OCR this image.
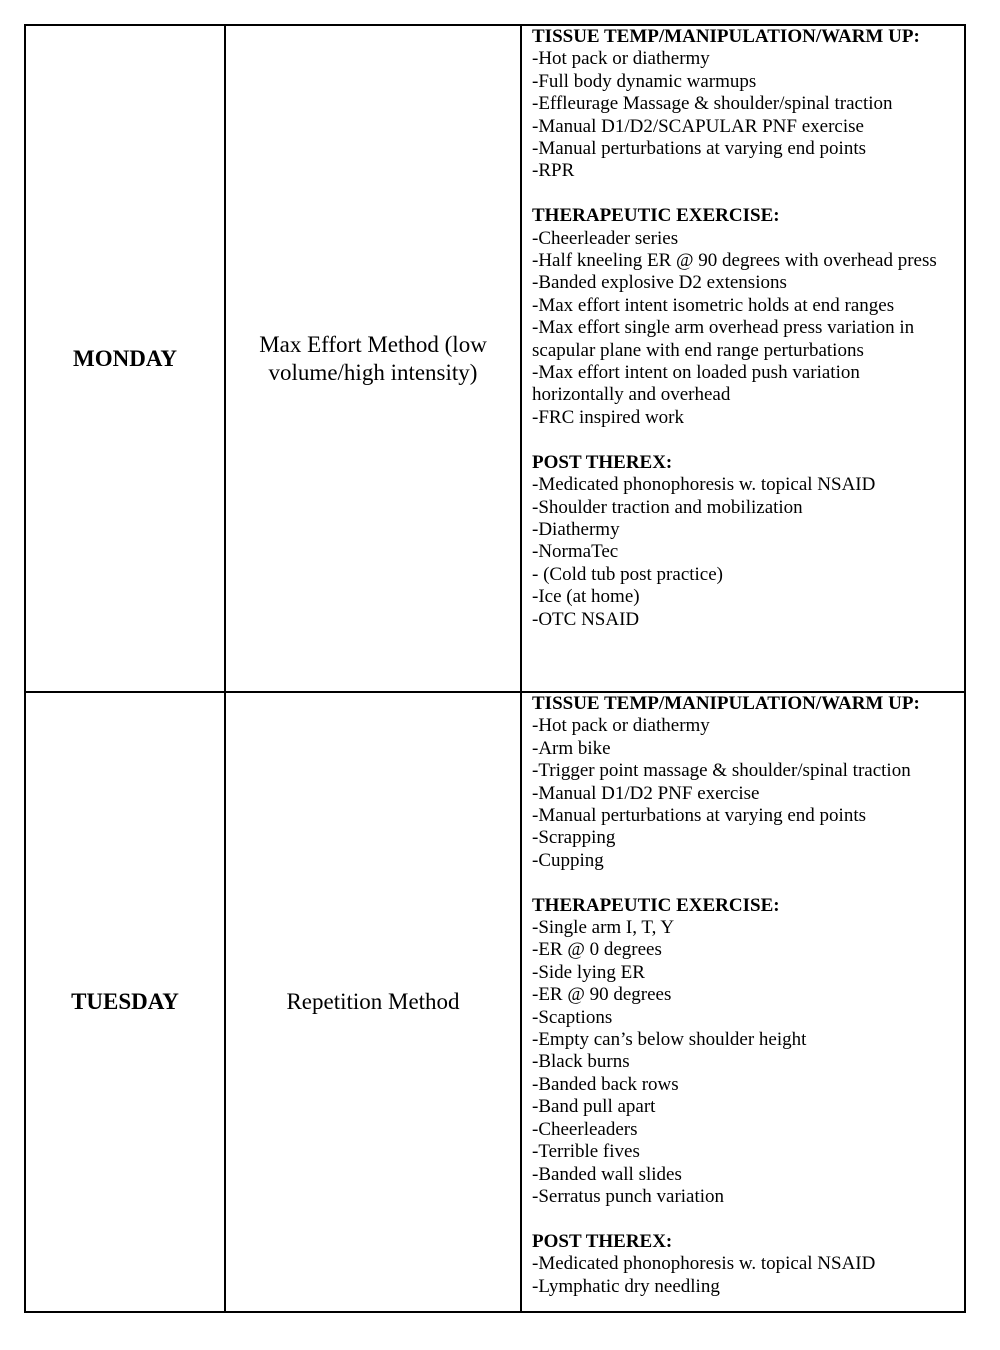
MONDAY
Max Effort Method (low volume/high intensity)
TISSUE TEMP/MANIPULATION/WARM UP:
-Hot pack or diathermy
-Full body dynamic warmups
-Effleurage Massage & shoulder/spinal traction
-Manual D1/D2/SCAPULAR PNF exercise
-Manual perturbations at varying end points
-RPR
THERAPEUTIC EXERCISE:
-Cheerleader series
-Half kneeling ER @ 90 degrees with overhead press
-Banded explosive D2 extensions
-Max effort intent isometric holds at end ranges
-Max effort single arm overhead press variation in scapular plane with end range perturbations
-Max effort intent on loaded push variation horizontally and overhead
-FRC inspired work
POST THEREX:
-Medicated phonophoresis w. topical NSAID
-Shoulder traction and mobilization
-Diathermy
-NormaTec
- (Cold tub post practice)
-Ice (at home)
-OTC NSAID
TUESDAY	Repetition Method
TISSUE TEMP/MANIPULATION/WARM UP:
-Hot pack or diathermy
-Arm bike
-Trigger point massage & shoulder/spinal traction
-Manual D1/D2 PNF exercise
-Manual perturbations at varying end points
-Scrapping
-Cupping
THERAPEUTIC EXERCISE:
-Single arm I, T, Y
-ER @ 0 degrees
-Side lying ER
-ER @ 90 degrees
-Scaptions
-Empty can’s below shoulder height
-Black burns
-Banded back rows
-Band pull apart
-Cheerleaders
-Terrible fives
-Banded wall slides
-Serratus punch variation
POST THEREX:
-Medicated phonophoresis w. topical NSAID
-Lymphatic dry needling
